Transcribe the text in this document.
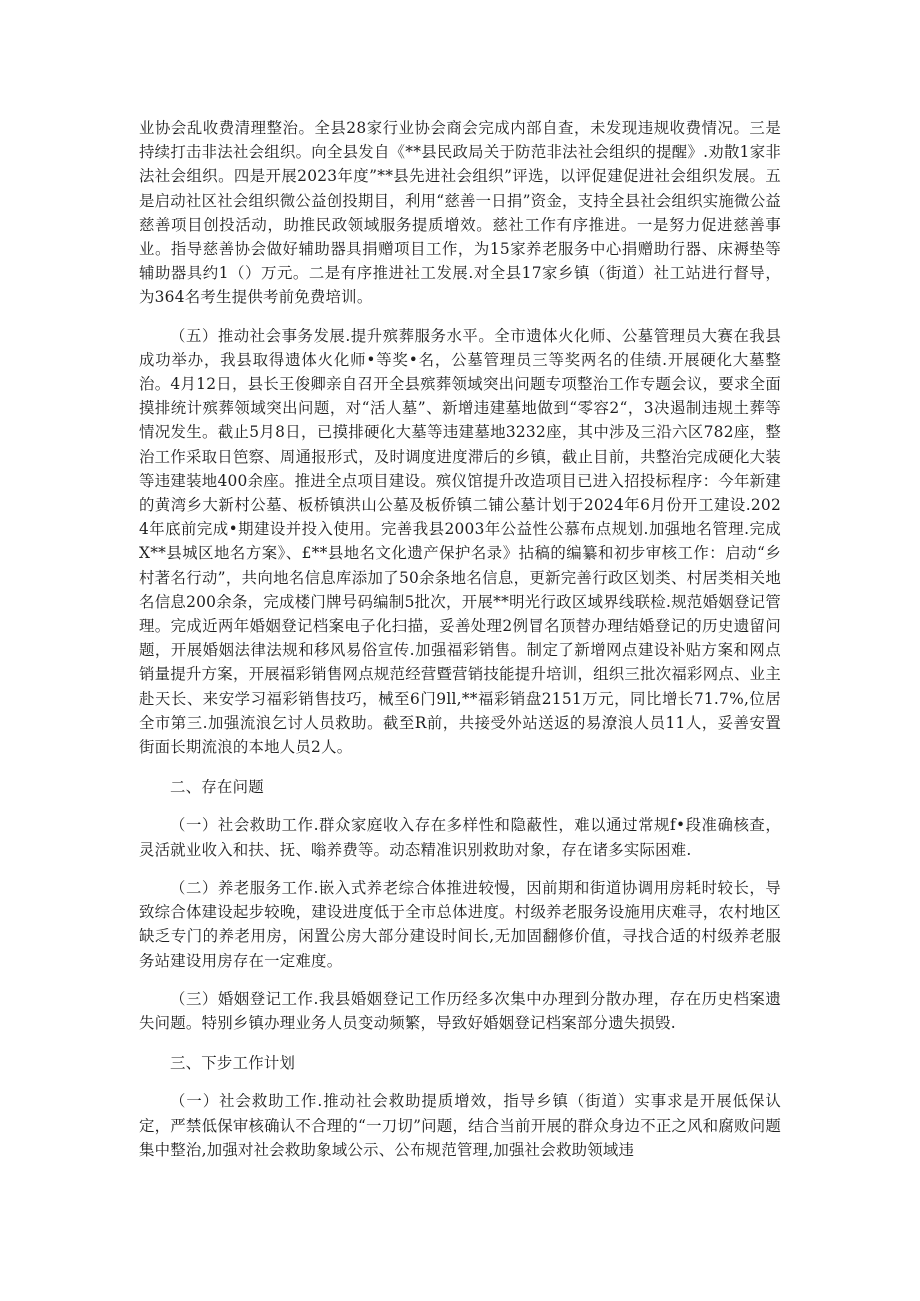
业协会乱收费清理整治。全县28家行业协会商会完成内部自查，未发现违规收费情况。三是持续打击非法社会组织。向全县发自《**县民政局关于防范非法社会组织的提醒》.劝散1家非法社会组织。四是开展2023年度”**县先进社会组织”评选，以评促建促进社会组织发展。五是启动社区社会组织微公益创投期目，利用“慈善一日捐”资金，支持全县社会组织实施微公益慈善项目创投活动，助推民政领域服务提质增效。慈社工作有序推进。一是努力促进慈善事业。指导慈善协会做好辅助器具捐赠项目工作，为15家养老服务中心捐赠助行器、床褥垫等辅助器具约1（）万元。二是有序推进社工发展.对全县17家乡镇（街道）社工站进行督导，为364名考生提供考前免费培训。

（五）推动社会事务发展.提升殡葬服务水平。全市遗体火化师、公墓管理员大赛在我县成功举办，我县取得遗体火化师•等奖•名，公墓管理员三等奖两名的佳绩.开展硬化大墓整治。4月12日，县长王俊卿亲自召开全县殡葬领域突出问题专项整治工作专题会议，要求全面摸排统计殡葬领域突出问题，对“活人墓”、新增违建墓地做到“零容2“，3决遏制违规土葬等情况发生。截止5月8日，已摸排硬化大墓等违建墓地3232座，其中涉及三沿六区782座，整治工作采取日笆察、周通报形式，及时调度进度滞后的乡镇，截止目前，共整治完成硬化大装等违建装地400余座。推进全点项目建设。殡仪馆提升改造项目已进入招投标程序：今年新建的黄湾乡大新村公墓、板桥镇洪山公墓及板侨镇二铺公墓计划于2024年6月份开工建设.2024年底前完成•期建设并投入使用。完善我县2003年公益性公慕布点规划.加强地名管理.完成X**县城区地名方案》、£**县地名文化遗产保护名录》拈稿的编纂和初步审核工作：启动“乡村著名行动”，共向地名信息库添加了50余条地名信息，更新完善行政区划类、村居类相关地名信息200余条，完成楼门牌号码编制5批次，开展**明光行政区域界线联检.规范婚姻登记管理。完成近两年婚姻登记档案电子化扫描，妥善处理2例冒名顶替办理结婚登记的历史遗留问题，开展婚姻法律法规和移风易俗宣传.加强福彩销售。制定了新增网点建设补贴方案和网点销量提升方案，开展福彩销售网点规范经营暨营销技能提升培训，组织三批次福彩网点、业主赴天长、来安学习福彩销售技巧，械至6门9ll,**福彩销盘2151万元，同比增长71.7%,位居全市第三.加强流浪乞讨人员救助。截至R前，共接受外站送返的易潦浪人员11人，妥善安置街面长期流浪的本地人员2人。

二、存在问题

（一）社会救助工作.群众家庭收入存在多样性和隐蔽性，难以通过常规f•段准确核查，灵活就业收入和扶、抚、嗡养费等。动态精准识别救助对象，存在诸多实际困难.

（二）养老服务工作.嵌入式养老综合体推进较慢，因前期和街道协调用房耗时较长，导致综合体建设起步较晚，建设进度低于全市总体进度。村级养老服务设施用庆难寻，农村地区缺乏专门的养老用房，闲置公房大部分建设时间长,无加固翻修价值，寻找合适的村级养老服务站建设用房存在一定难度。

（三）婚姻登记工作.我县婚姻登记工作历经多次集中办理到分散办理，存在历史档案遗失问题。特别乡镇办理业务人员变动频繁，导致好婚姻登记档案部分遗失损毁.

三、下步工作计划

（一）社会救助工作.推动社会救助提质增效，指导乡镇（街道）实事求是开展低保认定，严禁低保审核确认不合理的“一刀切”问题，结合当前开展的群众身边不正之风和腐败问题集中整治,加强对社会救助象域公示、公布规范管理,加强社会救助领域违
